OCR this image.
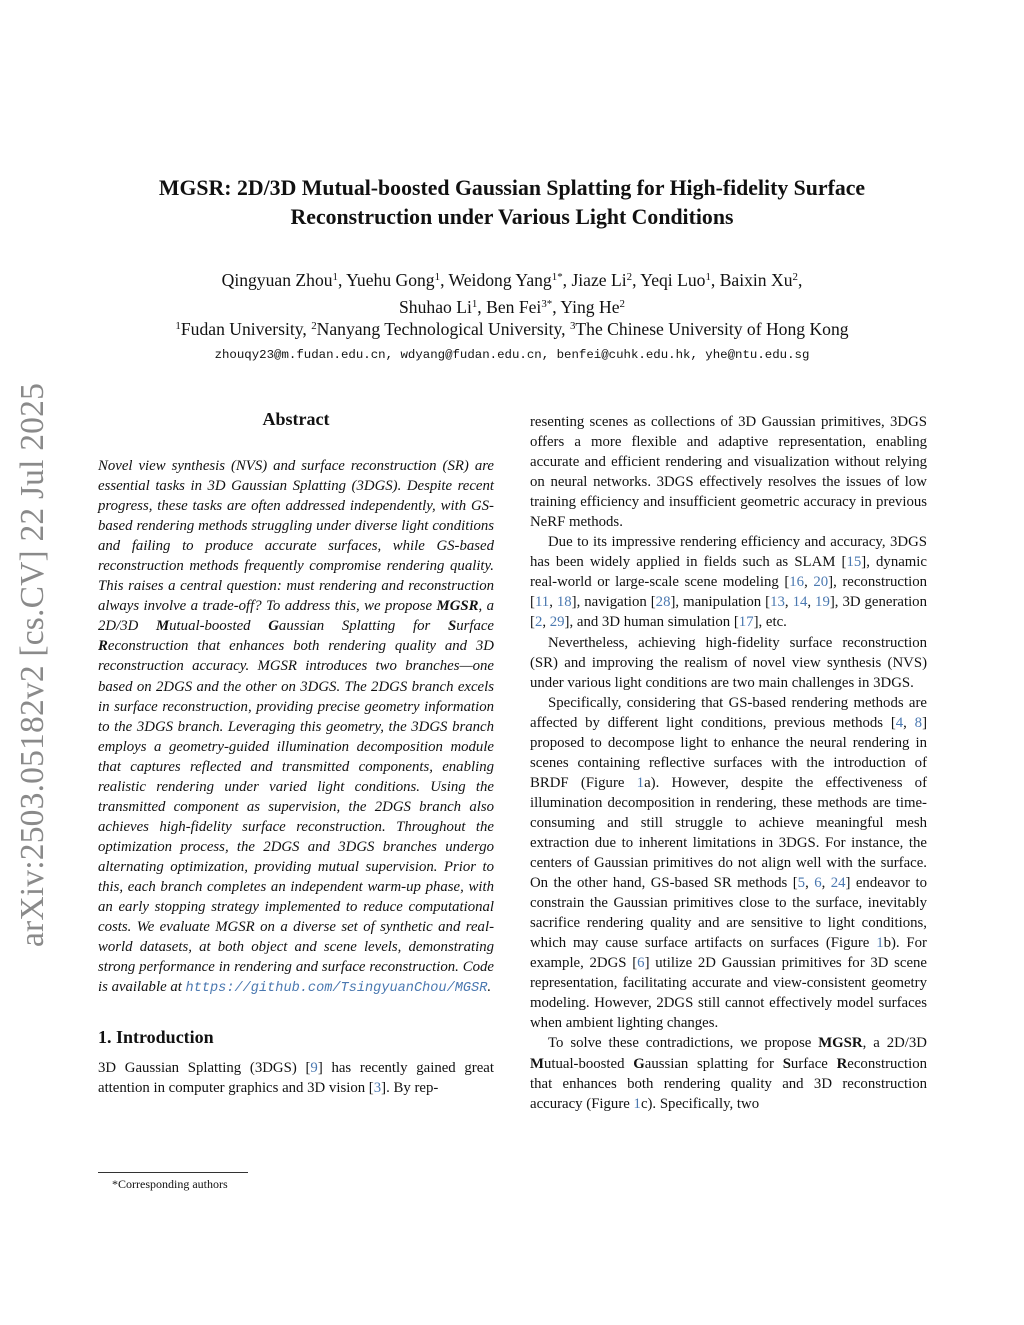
arXiv:2503.05182v2 [cs.CV] 22 Jul 2025
MGSR: 2D/3D Mutual-boosted Gaussian Splatting for High-fidelity Surface
Reconstruction under Various Light Conditions
Qingyuan Zhou$^1$, Yuehu Gong$^1$, Weidong Yang$^{1*}$, Jiaze Li$^2$, Yeqi Luo$^1$, Baixin Xu$^2$,
Shuhao Li$^1$, Ben Fei$^{3*}$, Ying He$^2$
$^1$Fudan University, $^2$Nanyang Technological University, $^3$The Chinese University of Hong Kong
zhouqy23@m.fudan.edu.cn, wdyang@fudan.edu.cn, benfei@cuhk.edu.hk, yhe@ntu.edu.sg
Abstract

Novel view synthesis (NVS) and surface reconstruction (SR) are essential tasks in 3D Gaussian Splatting (3DGS). Despite recent progress, these tasks are often addressed independently, with GS-based rendering methods struggling under diverse light conditions and failing to produce accurate surfaces, while GS-based reconstruction methods frequently compromise rendering quality. This raises a central question: must rendering and reconstruction always involve a trade-off? To address this, we propose MGSR, a 2D/3D Mutual-boosted Gaussian Splatting for Surface Reconstruction that enhances both rendering quality and 3D reconstruction accuracy. MGSR introduces two branches—one based on 2DGS and the other on 3DGS. The 2DGS branch excels in surface reconstruction, providing precise geometry information to the 3DGS branch. Leveraging this geometry, the 3DGS branch employs a geometry-guided illumination decomposition module that captures reflected and transmitted components, enabling realistic rendering under varied light conditions. Using the transmitted component as supervision, the 2DGS branch also achieves high-fidelity surface reconstruction. Throughout the optimization process, the 2DGS and 3DGS branches undergo alternating optimization, providing mutual supervision. Prior to this, each branch completes an independent warm-up phase, with an early stopping strategy implemented to reduce computational costs. We evaluate MGSR on a diverse set of synthetic and real-world datasets, at both object and scene levels, demonstrating strong performance in rendering and surface reconstruction. Code is available at https://github.com/TsingyuanChou/MGSR.

1. Introduction

3D Gaussian Splatting (3DGS) [9] has recently gained great attention in computer graphics and 3D vision [3]. By rep-

*Corresponding authors

resenting scenes as collections of 3D Gaussian primitives, 3DGS offers a more flexible and adaptive representation, enabling accurate and efficient rendering and visualization without relying on neural networks. 3DGS effectively resolves the issues of low training efficiency and insufficient geometric accuracy in previous NeRF methods.

Due to its impressive rendering efficiency and accuracy, 3DGS has been widely applied in fields such as SLAM [15], dynamic real-world or large-scale scene modeling [16, 20], reconstruction [11, 18], navigation [28], manipulation [13, 14, 19], 3D generation [2, 29], and 3D human simulation [17], etc.

Nevertheless, achieving high-fidelity surface reconstruction (SR) and improving the realism of novel view synthesis (NVS) under various light conditions are two main challenges in 3DGS.

Specifically, considering that GS-based rendering methods are affected by different light conditions, previous methods [4, 8] proposed to decompose light to enhance the neural rendering in scenes containing reflective surfaces with the introduction of BRDF (Figure 1a). However, despite the effectiveness of illumination decomposition in rendering, these methods are time-consuming and still struggle to achieve meaningful mesh extraction due to inherent limitations in 3DGS. For instance, the centers of Gaussian primitives do not align well with the surface. On the other hand, GS-based SR methods [5, 6, 24] endeavor to constrain the Gaussian primitives close to the surface, inevitably sacrifice rendering quality and are sensitive to light conditions, which may cause surface artifacts on surfaces (Figure 1b). For example, 2DGS [6] utilize 2D Gaussian primitives for 3D scene representation, facilitating accurate and view-consistent geometry modeling. However, 2DGS still cannot effectively model surfaces when ambient lighting changes.

To solve these contradictions, we propose MGSR, a 2D/3D Mutual-boosted Gaussian splatting for Surface Reconstruction that enhances both rendering quality and 3D reconstruction accuracy (Figure 1c). Specifically, two
